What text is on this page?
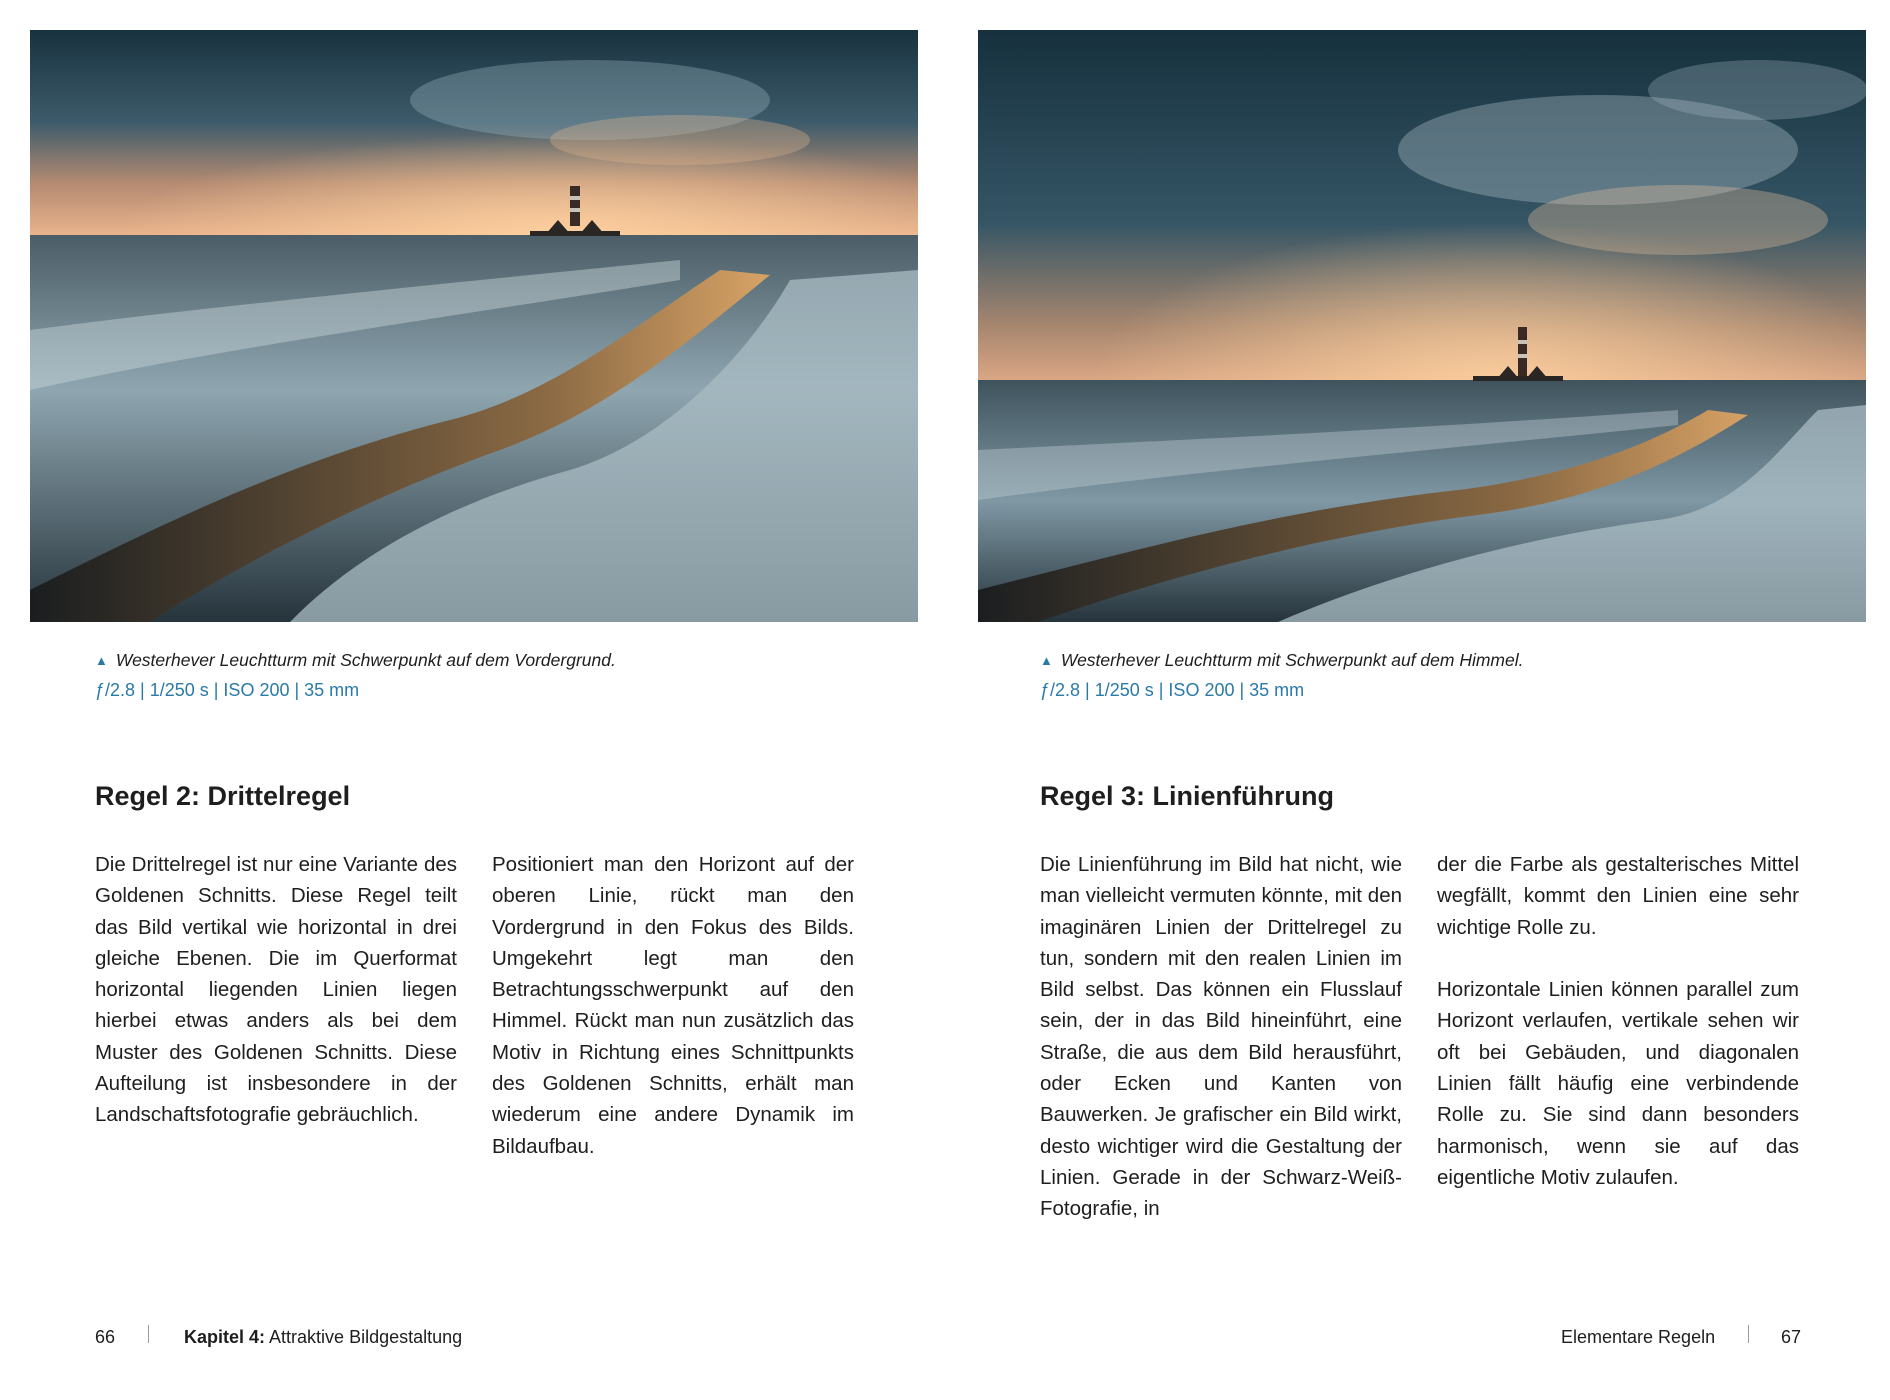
▲ Westerhever Leuchtturm mit Schwerpunkt auf dem Vordergrund.
ƒ/2.8 | 1/250 s | ISO 200 | 35 mm
Regel 2: Drittelregel

Die Drittelregel ist nur eine Variante des Goldenen Schnitts. Diese Regel teilt das Bild vertikal wie horizontal in drei gleiche Ebenen. Die im Querformat horizontal liegenden Linien liegen hierbei etwas anders als bei dem Muster des Goldenen Schnitts. Diese Aufteilung ist insbesondere in der Landschaftsfotografie gebräuchlich.

Positioniert man den Horizont auf der oberen Linie, rückt man den Vordergrund in den Fokus des Bilds. Umgekehrt legt man den Betrachtungsschwerpunkt auf den Himmel. Rückt man nun zusätzlich das Motiv in Richtung eines Schnittpunkts des Goldenen Schnitts, erhält man wiederum eine andere Dynamik im Bildaufbau.

66	Kapitel 4: Attraktive Bildgestaltung
▲ Westerhever Leuchtturm mit Schwerpunkt auf dem Himmel.
ƒ/2.8 | 1/250 s | ISO 200 | 35 mm
Regel 3: Linienführung

Die Linienführung im Bild hat nicht, wie man vielleicht vermuten könnte, mit den imaginären Linien der Drittelregel zu tun, sondern mit den realen Linien im Bild selbst. Das können ein Flusslauf sein, der in das Bild hineinführt, eine Straße, die aus dem Bild herausführt, oder Ecken und Kanten von Bauwerken. Je grafischer ein Bild wirkt, desto wichtiger wird die Gestaltung der Linien. Gerade in der Schwarz-Weiß-Fotografie, in

der die Farbe als gestalterisches Mittel wegfällt, kommt den Linien eine sehr wichtige Rolle zu.

Horizontale Linien können parallel zum Horizont verlaufen, vertikale sehen wir oft bei Gebäuden, und diagonalen Linien fällt häufig eine verbindende Rolle zu. Sie sind dann besonders harmonisch, wenn sie auf das eigentliche Motiv zulaufen.

Elementare Regeln	67
